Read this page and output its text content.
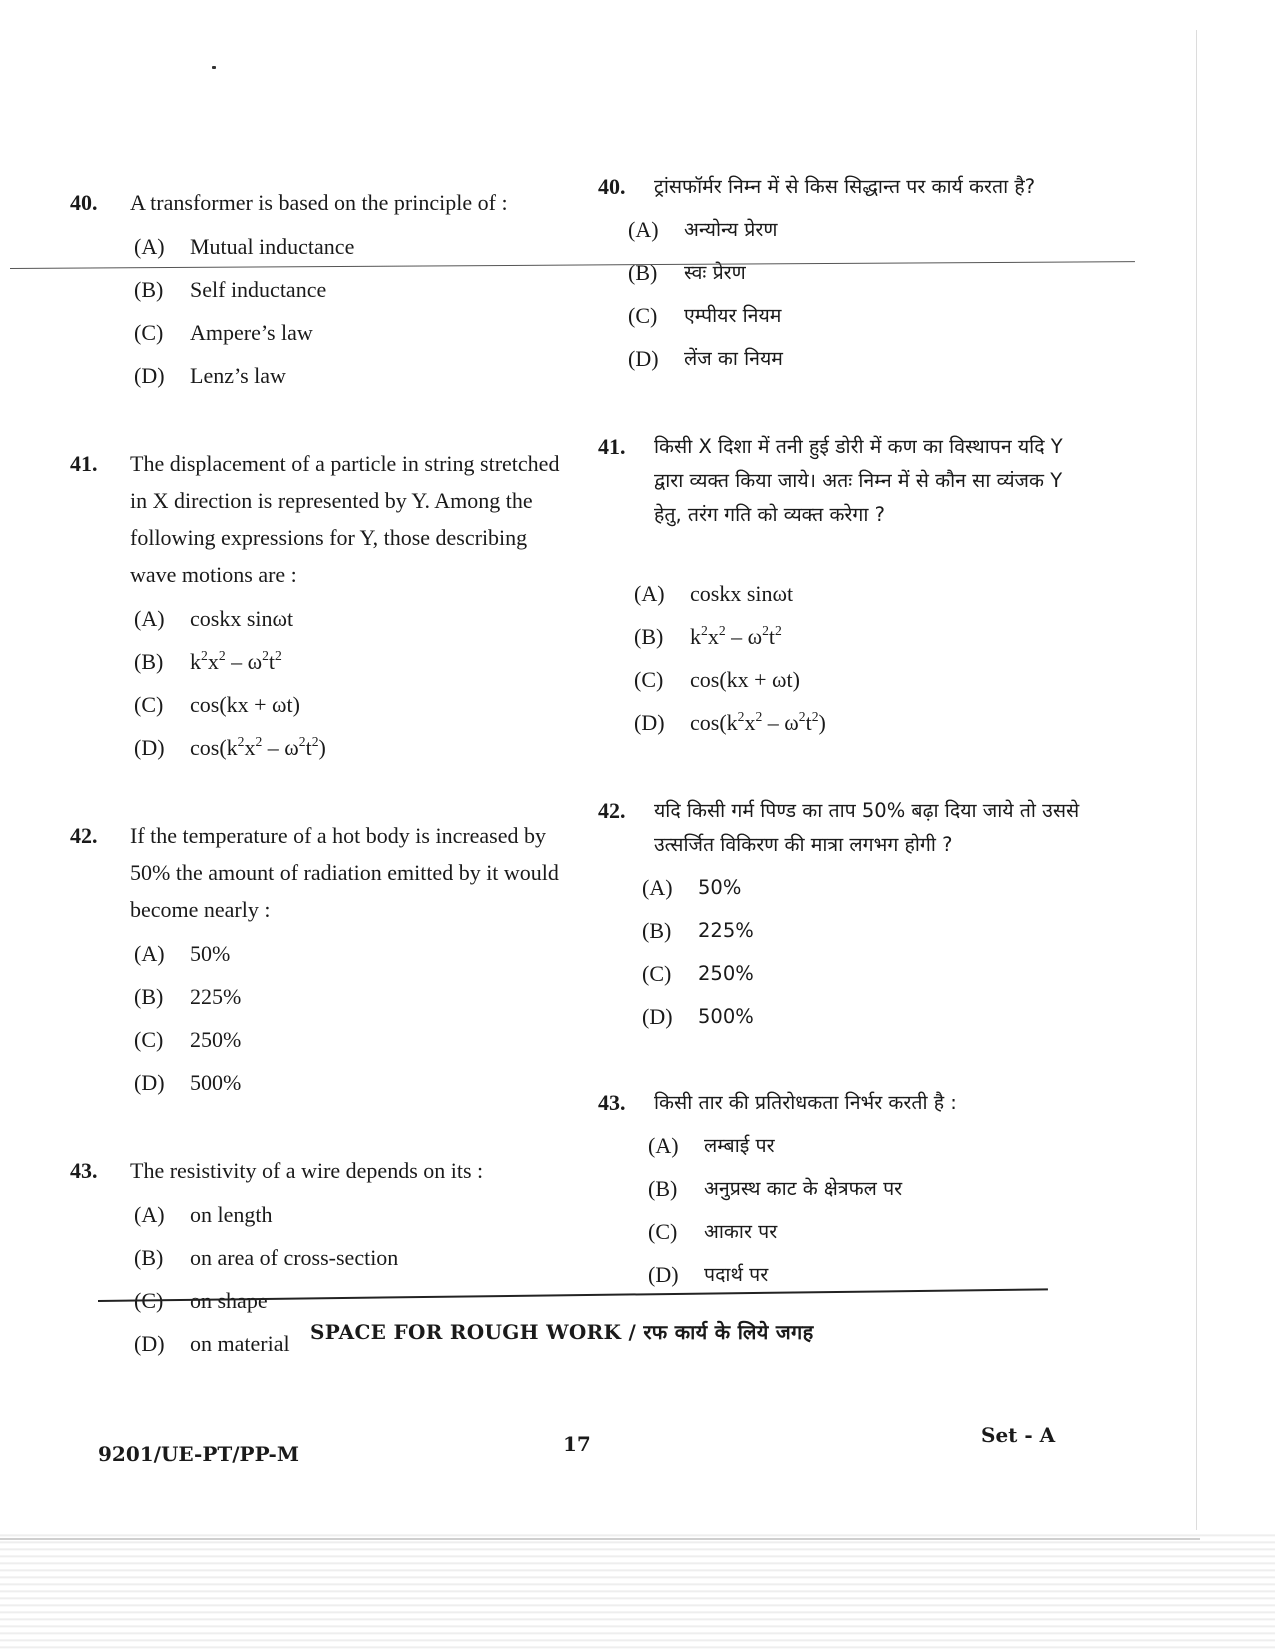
40. A transformer is based on the principle of :
(A)	Mutual inductance
(B)	Self inductance
(C)	Ampere’s law
(D)	Lenz’s law
41. The displacement of a particle in string stretched in X direction is represented by Y. Among the following expressions for Y, those describing wave motions are :
(A)	coskx sinωt
(B)	$k^2x^2 - \omega^2t^2$
(C)	cos(kx + ωt)
(D)	$\cos(k^2x^2 - \omega^2t^2)$
42. If the temperature of a hot body is increased by 50% the amount of radiation emitted by it would become nearly :
(A)	50%
(B)	225%
(C)	250%
(D)	500%
43. The resistivity of a wire depends on its :
(A)	on length
(B)	on area of cross-section
(C)	on shape
(D)	on material
40. ट्रांसफॉर्मर निम्न में से किस सिद्धान्त पर कार्य करता है?
(A)	अन्योन्य प्रेरण
(B)	स्वः प्रेरण
(C)	एम्पीयर नियम
(D)	लेंज का नियम
41. किसी X दिशा में तनी हुई डोरी में कण का विस्थापन यदि Y द्वारा व्यक्त किया जाये। अतः निम्न में से कौन सा व्यंजक Y हेतु, तरंग गति को व्यक्त करेगा ?
(A)	coskx sinωt
(B)	$k^2x^2 - \omega^2t^2$
(C)	cos(kx + ωt)
(D)	$\cos(k^2x^2 - \omega^2t^2)$
42. यदि किसी गर्म पिण्ड का ताप 50% बढ़ा दिया जाये तो उससे उत्सर्जित विकिरण की मात्रा लगभग होगी ?
(A)	50%
(B)	225%
(C)	250%
(D)	500%
43. किसी तार की प्रतिरोधकता निर्भर करती है :
(A)	लम्बाई पर
(B)	अनुप्रस्थ काट के क्षेत्रफल पर
(C)	आकार पर
(D)	पदार्थ पर
SPACE FOR ROUGH WORK / रफ कार्य के लिये जगह
9201/UE-PT/PP-M	17	Set - A
